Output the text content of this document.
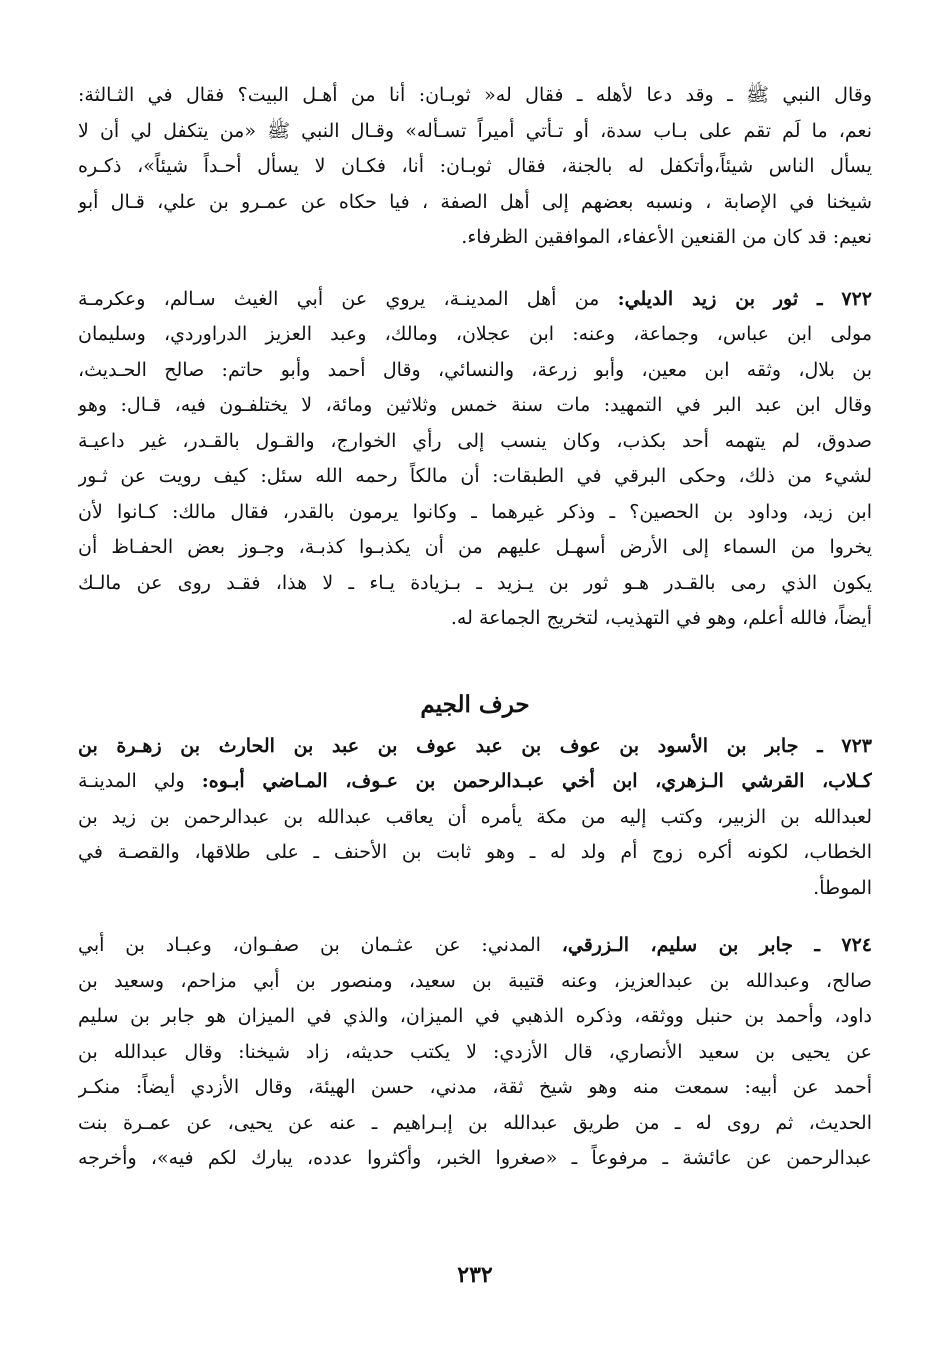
وقال النبي ﷺ ـ وقد دعا لأهله ـ فقال له« ثوبـان: أنا من أهـل البيت؟ فقال في الثـالثة:
نعم، ما لَم تقم على بـاب سدة، أو تـأتي أميراً تسـأله» وقـال النبي ﷺ «من يتكفل لي أن لا
يسأل الناس شيئاً،وأتكفل له بالجنة، فقال ثوبـان: أنا، فكـان لا يسأل أحـداً شيئاً»، ذكـره
شيخنا في الإصابة ، ونسبه بعضهم إلى أهل الصفة ، فيا حكاه عن عمـرو بن علي، قـال أبو
نعيم: قد كان من القنعين الأعفاء، الموافقين الظرفاء.
٧٢٢ ـ ثور بن زيد الديلي: من أهل المدينـة، يروي عن أبي الغيث سـالم، وعكرمـة
مولى ابن عباس، وجماعة، وعنه: ابن عجلان، ومالك، وعبد العزيز الدراوردي، وسليمان
بن بلال، وثقه ابن معين، وأبو زرعة، والنسائي، وقال أحمد وأبو حاتم: صالح الحـديث،
وقال ابن عبد البر في التمهيد: مات سنة خمس وثلاثين ومائة، لا يختلفـون فيه، قـال: وهو
صدوق، لم يتهمه أحد بكذب، وكان ينسب إلى رأي الخوارج، والقـول بالقـدر، غير داعيـة
لشيء من ذلك، وحكى البرقي في الطبقات: أن مالكاً رحمه الله سئل: كيف رويت عن ثـور
ابن زيد، وداود بن الحصين؟ ـ وذكر غيرهما ـ وكانوا يرمون بالقدر، فقال مالك: كـانوا لأن
يخروا من السماء إلى الأرض أسهـل عليهم من أن يكذبـوا كذبـة، وجـوز بعض الحفـاظ أن
يكون الذي رمى بالقـدر هـو ثور بن يـزيد ـ بـزيادة يـاء ـ لا هذا، فقـد روى عن مالـك
أيضاً، فالله أعلم، وهو في التهذيب، لتخريج الجماعة له.
حرف الجيم
٧٢٣ ـ جابر بن الأسود بن عوف بن عبد عوف بن عبد بن الحارث بن زهـرة بن
كـلاب، القرشي الـزهري، ابن أخي عبـدالرحمن بن عـوف، المـاضي أبـوه: ولي المدينـة
لعبدالله بن الزبير، وكتب إليه من مكة يأمره أن يعاقب عبدالله بن عبدالرحمن بن زيد بن
الخطاب، لكونه أكره زوج أم ولد له ـ وهو ثابت بن الأحنف ـ على طلاقها، والقصـة في
الموطأ.
٧٢٤ ـ جابر بن سليم، الـزرقي، المدني: عن عثـمان بن صفـوان، وعبـاد بن أبي
صالح، وعبدالله بن عبدالعزيز، وعنه قتيبة بن سعيد، ومنصور بن أبي مزاحم، وسعيد بن
داود، وأحمد بن حنبل ووثقه، وذكره الذهبي في الميزان، والذي في الميزان هو جابر بن سليم
عن يحيى بن سعيد الأنصاري، قال الأزدي: لا يكتب حديثه، زاد شيخنا: وقال عبدالله بن
أحمد عن أبيه: سمعت منه وهو شيخ ثقة، مدني، حسن الهيئة، وقال الأزدي أيضاً: منكـر
الحديث، ثم روى له ـ من طريق عبدالله بن إبـراهيم ـ عنه عن يحيى، عن عمـرة بنت
عبدالرحمن عن عائشة ـ مرفوعاً ـ «صغروا الخبر، وأكثروا عدده، يبارك لكم فيه»، وأخرجه
٢٣٢
